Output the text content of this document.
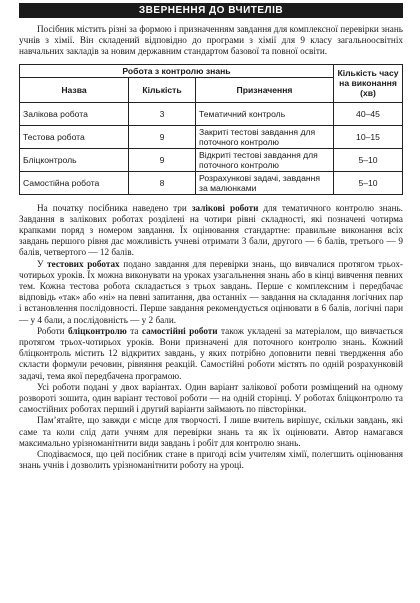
ЗВЕРНЕННЯ ДО ВЧИТЕЛІВ

Посібник містить різні за формою і призначенням завдання для комплексної перевірки знань учнів з хімії. Він складений відповідно до програми з хімії для 9 класу загальноосвітніх навчальних закладів за новим державним стандартом базової та повної освіти.

Робота з контролю знань			Кількість часу на виконання (хв)
Назва	Кількість	Призначення	
Залікова робота	3	Тематичний контроль	40–45
Тестова робота	9	Закриті тестові завдання для поточного контролю	10–15
Бліцконтроль	9	Відкриті тестові завдання для поточного контролю	5–10
Самостійна робота	8	Розрахункові задачі, завдання за малюнками	5–10

На початку посібника наведено три залікові роботи для тематичного контролю знань. Завдання в залікових роботах розділені на чотири рівні складності, які позначені чотирма крапками поряд з номером завдання. Їх оцінювання стандартне: правильне виконання всіх завдань першого рівня дає можливість учневі отримати 3 бали, другого — 6 балів, третього — 9 балів, четвертого — 12 балів.

У тестових роботах подано завдання для перевірки знань, що вивчалися протягом трьох-чотирьох уроків. Їх можна виконувати на уроках узагальнення знань або в кінці вивчення певних тем. Кожна тестова робота складається з трьох завдань. Перше є комплексним і передбачає відповідь «так» або «ні» на певні запитання, два останніх — завдання на складання логічних пар і встановлення послідовності. Перше завдання рекомендується оцінювати в 6 балів, логічні пари — у 4 бали, а послідовність — у 2 бали.

Роботи бліцконтролю та самостійні роботи також укладені за матеріалом, що вивчається протягом трьох-чотирьох уроків. Вони призначені для поточного контролю знань. Кожний бліцконтроль містить 12 відкритих завдань, у яких потрібно доповнити певні твердження або скласти формули речовин, рівняння реакцій. Самостійні роботи містять по одній розрахунковій задачі, тема якої передбачена програмою.

Усі роботи подані у двох варіантах. Один варіант залікової роботи розміщений на одному розвороті зошита, один варіант тестової роботи — на одній сторінці. У роботах бліцконтролю та самостійних роботах перший і другий варіанти займають по півсторінки.

Пам’ятайте, що завжди є місце для творчості. І лише вчитель вирішує, скільки завдань, які саме та коли слід дати учням для перевірки знань та як їх оцінювати. Автор намагався максимально урізноманітнити види завдань і робіт для контролю знань.

Сподіваємося, що цей посібник стане в пригоді всім учителям хімії, полегшить оцінювання знань учнів і дозволить урізноманітнити роботу на уроці.
